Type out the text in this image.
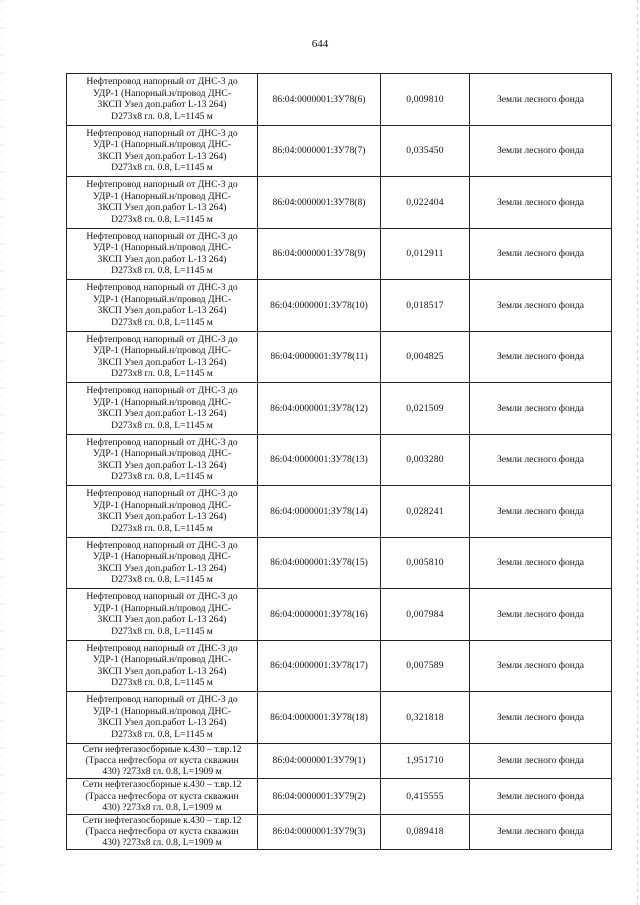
644
Нефтепровод напорный от ДНС-3 до
УДР-1 (Напорный.н/провод ДНС-
3КСП Узел доп.работ L-13 264)
D273x8 гл. 0.8, L=1145 м	86:04:0000001:ЗУ78(6)	0,009810	Земли лесного фонда

Нефтепровод напорный от ДНС-3 до
УДР-1 (Напорный.н/провод ДНС-
3КСП Узел доп.работ L-13 264)
D273x8 гл. 0.8, L=1145 м	86:04:0000001:ЗУ78(7)	0,035450	Земли лесного фонда

Нефтепровод напорный от ДНС-3 до
УДР-1 (Напорный.н/провод ДНС-
3КСП Узел доп.работ L-13 264)
D273x8 гл. 0.8, L=1145 м	86:04:0000001:ЗУ78(8)	0,022404	Земли лесного фонда

Нефтепровод напорный от ДНС-3 до
УДР-1 (Напорный.н/провод ДНС-
3КСП Узел доп.работ L-13 264)
D273x8 гл. 0.8, L=1145 м	86:04:0000001:ЗУ78(9)	0,012911	Земли лесного фонда

Нефтепровод напорный от ДНС-3 до
УДР-1 (Напорный.н/провод ДНС-
3КСП Узел доп.работ L-13 264)
D273x8 гл. 0.8, L=1145 м	86:04:0000001:ЗУ78(10)	0,018517	Земли лесного фонда

Нефтепровод напорный от ДНС-3 до
УДР-1 (Напорный.н/провод ДНС-
3КСП Узел доп.работ L-13 264)
D273x8 гл. 0.8, L=1145 м	86:04:0000001:ЗУ78(11)	0,004825	Земли лесного фонда

Нефтепровод напорный от ДНС-3 до
УДР-1 (Напорный.н/провод ДНС-
3КСП Узел доп.работ L-13 264)
D273x8 гл. 0.8, L=1145 м	86:04:0000001:ЗУ78(12)	0,021509	Земли лесного фонда

Нефтепровод напорный от ДНС-3 до
УДР-1 (Напорный.н/провод ДНС-
3КСП Узел доп.работ L-13 264)
D273x8 гл. 0.8, L=1145 м	86:04:0000001:ЗУ78(13)	0,003280	Земли лесного фонда

Нефтепровод напорный от ДНС-3 до
УДР-1 (Напорный.н/провод ДНС-
3КСП Узел доп.работ L-13 264)
D273x8 гл. 0.8, L=1145 м	86:04:0000001:ЗУ78(14)	0,028241	Земли лесного фонда

Нефтепровод напорный от ДНС-3 до
УДР-1 (Напорный.н/провод ДНС-
3КСП Узел доп.работ L-13 264)
D273x8 гл. 0.8, L=1145 м	86:04:0000001:ЗУ78(15)	0,005810	Земли лесного фонда

Нефтепровод напорный от ДНС-3 до
УДР-1 (Напорный.н/провод ДНС-
3КСП Узел доп.работ L-13 264)
D273x8 гл. 0.8, L=1145 м	86:04:0000001:ЗУ78(16)	0,007984	Земли лесного фонда

Нефтепровод напорный от ДНС-3 до
УДР-1 (Напорный.н/провод ДНС-
3КСП Узел доп.работ L-13 264)
D273x8 гл. 0.8, L=1145 м	86:04:0000001:ЗУ78(17)	0,007589	Земли лесного фонда

Нефтепровод напорный от ДНС-3 до
УДР-1 (Напорный.н/провод ДНС-
3КСП Узел доп.работ L-13 264)
D273x8 гл. 0.8, L=1145 м	86:04:0000001:ЗУ78(18)	0,321818	Земли лесного фонда

Сети нефтегазосборные к.430 – т.вр.12
(Трасса нефтесбора от куста скважин
430) ?273x8 гл. 0.8, L=1909 м	86:04:0000001:ЗУ79(1)	1,951710	Земли лесного фонда

Сети нефтегазосборные к.430 – т.вр.12
(Трасса нефтесбора от куста скважин
430) ?273x8 гл. 0.8, L=1909 м	86:04:0000001:ЗУ79(2)	0,415555	Земли лесного фонда

Сети нефтегазосборные к.430 – т.вр.12
(Трасса нефтесбора от куста скважин
430) ?273x8 гл. 0.8, L=1909 м	86:04:0000001:ЗУ79(3)	0,089418	Земли лесного фонда
